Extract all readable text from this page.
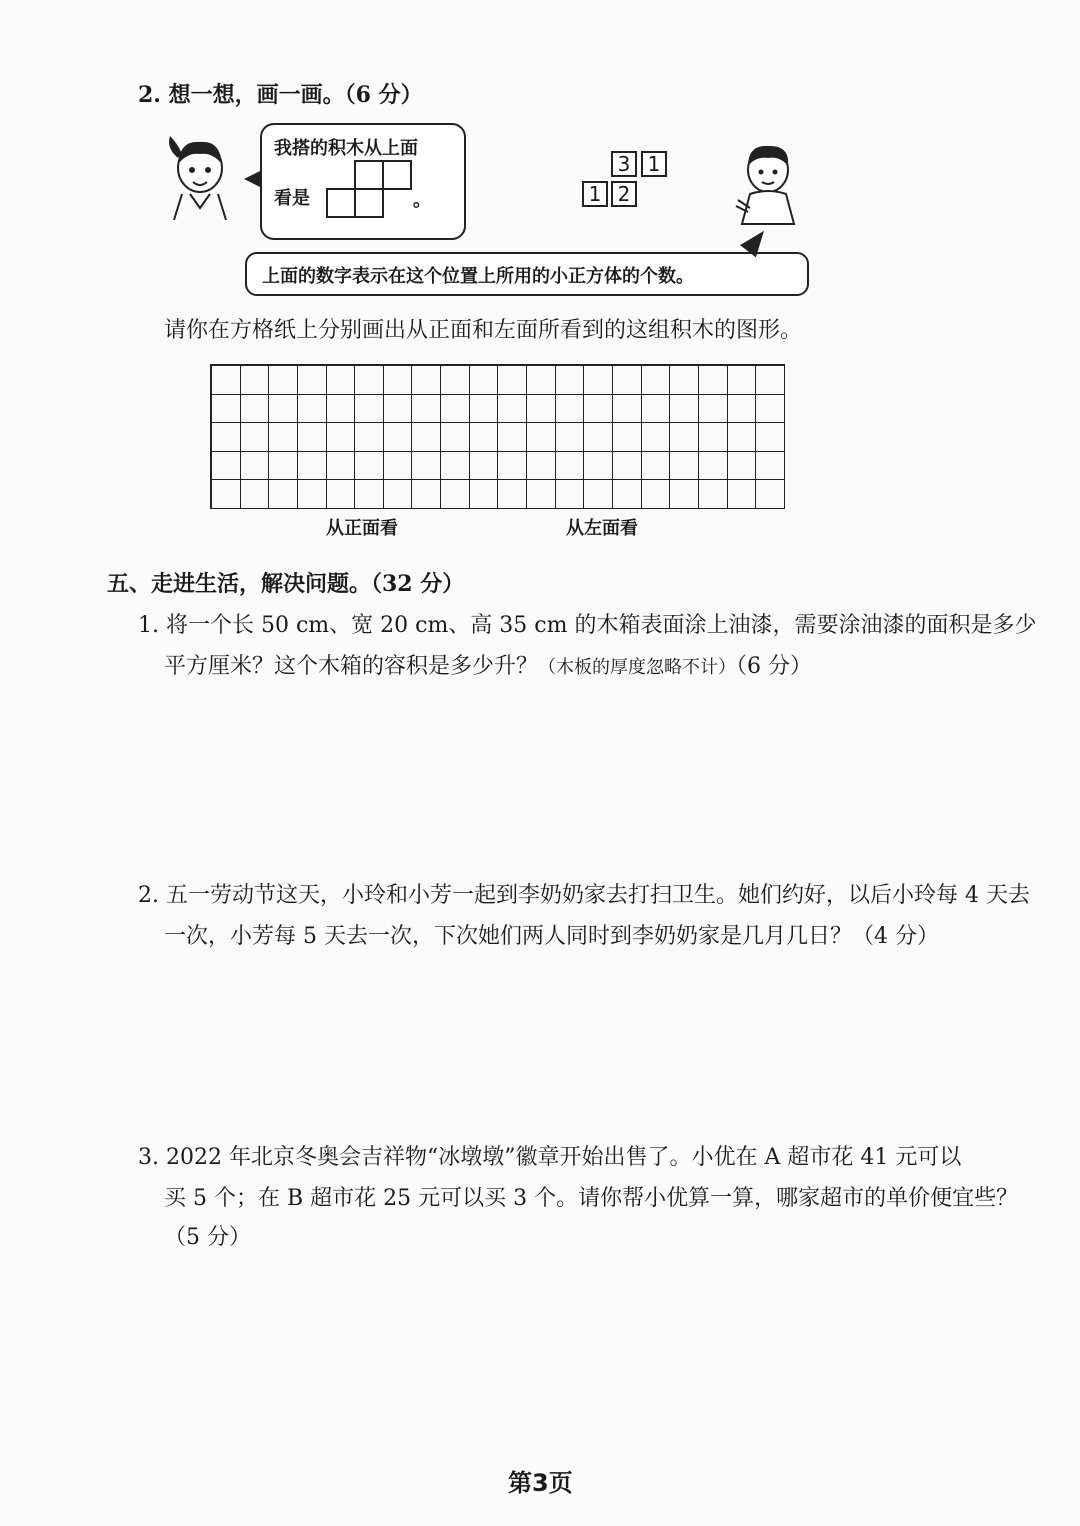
2. 想一想，画一画。（6 分）
我搭的积木从上面
看是	。
3 1
1 2
上面的数字表示在这个位置上所用的小正方体的个数。
请你在方格纸上分别画出从正面和左面所看到的这组积木的图形。
从正面看	从左面看
五、走进生活，解决问题。（32 分）
1. 将一个长 50 cm、宽 20 cm、高 35 cm 的木箱表面涂上油漆，需要涂油漆的面积是多少
平方厘米？这个木箱的容积是多少升？（木板的厚度忽略不计）（6 分）
2. 五一劳动节这天，小玲和小芳一起到李奶奶家去打扫卫生。她们约好，以后小玲每 4 天去
一次，小芳每 5 天去一次，下次她们两人同时到李奶奶家是几月几日？（4 分）
3. 2022 年北京冬奥会吉祥物“冰墩墩”徽章开始出售了。小优在 A 超市花 41 元可以
买 5 个；在 B 超市花 25 元可以买 3 个。请你帮小优算一算，哪家超市的单价便宜些？
（5 分）
第3页
